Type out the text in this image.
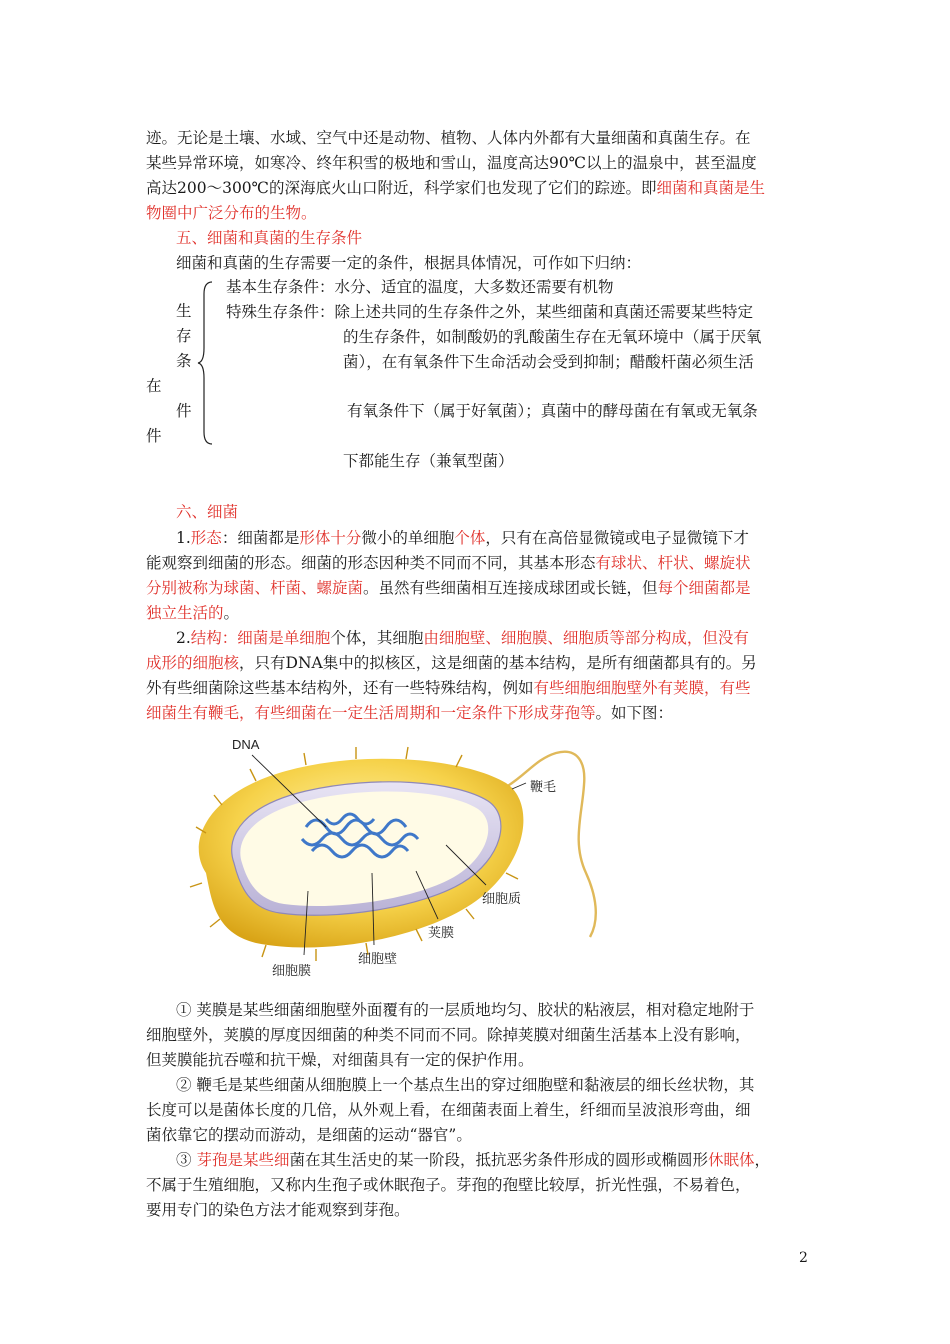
迹。无论是土壤、水域、空气中还是动物、植物、人体内外都有大量细菌和真菌生存。在

某些异常环境，如寒冷、终年积雪的极地和雪山，温度高达90℃以上的温泉中，甚至温度

高达200～300℃的深海底火山口附近，科学家们也发现了它们的踪迹。即细菌和真菌是生

物圈中广泛分布的生物。

五、细菌和真菌的生存条件

细菌和真菌的生存需要一定的条件，根据具体情况，可作如下归纳：

生
存
条
在
件
件
基本生存条件：水分、适宜的温度，大多数还需要有机物
特殊生存条件：除上述共同的生存条件之外，某些细菌和真菌还需要某些特定
的生存条件，如制酸奶的乳酸菌生存在无氧环境中（属于厌氧
菌），在有氧条件下生命活动会受到抑制；醋酸杆菌必须生活
有氧条件下（属于好氧菌）；真菌中的酵母菌在有氧或无氧条
下都能生存（兼氧型菌）

六、细菌

1.形态：细菌都是形体十分微小的单细胞个体，只有在高倍显微镜或电子显微镜下才

能观察到细菌的形态。细菌的形态因种类不同而不同，其基本形态有球状、杆状、螺旋状

分别被称为球菌、杆菌、螺旋菌。虽然有些细菌相互连接成球团或长链，但每个细菌都是

独立生活的。

2.结构：细菌是单细胞个体，其细胞由细胞壁、细胞膜、细胞质等部分构成，但没有

成形的细胞核，只有DNA集中的拟核区，这是细菌的基本结构，是所有细菌都具有的。另

外有些细菌除这些基本结构外，还有一些特殊结构，例如有些细胞细胞壁外有荚膜，有些

细菌生有鞭毛，有些细菌在一定生活周期和一定条件下形成芽孢等。如下图：

DNA
鞭毛
细胞质
荚膜
细胞壁
细胞膜

① 荚膜是某些细菌细胞壁外面覆有的一层质地均匀、胶状的粘液层，相对稳定地附于

细胞壁外，荚膜的厚度因细菌的种类不同而不同。除掉荚膜对细菌生活基本上没有影响，

但荚膜能抗吞噬和抗干燥，对细菌具有一定的保护作用。

② 鞭毛是某些细菌从细胞膜上一个基点生出的穿过细胞壁和黏液层的细长丝状物，其

长度可以是菌体长度的几倍，从外观上看，在细菌表面上着生，纤细而呈波浪形弯曲，细

菌依靠它的摆动而游动，是细菌的运动“器官”。

③ 芽孢是某些细菌在其生活史的某一阶段，抵抗恶劣条件形成的圆形或椭圆形休眠体，

不属于生殖细胞，又称内生孢子或休眠孢子。芽孢的孢壁比较厚，折光性强，不易着色，

要用专门的染色方法才能观察到芽孢。

2
